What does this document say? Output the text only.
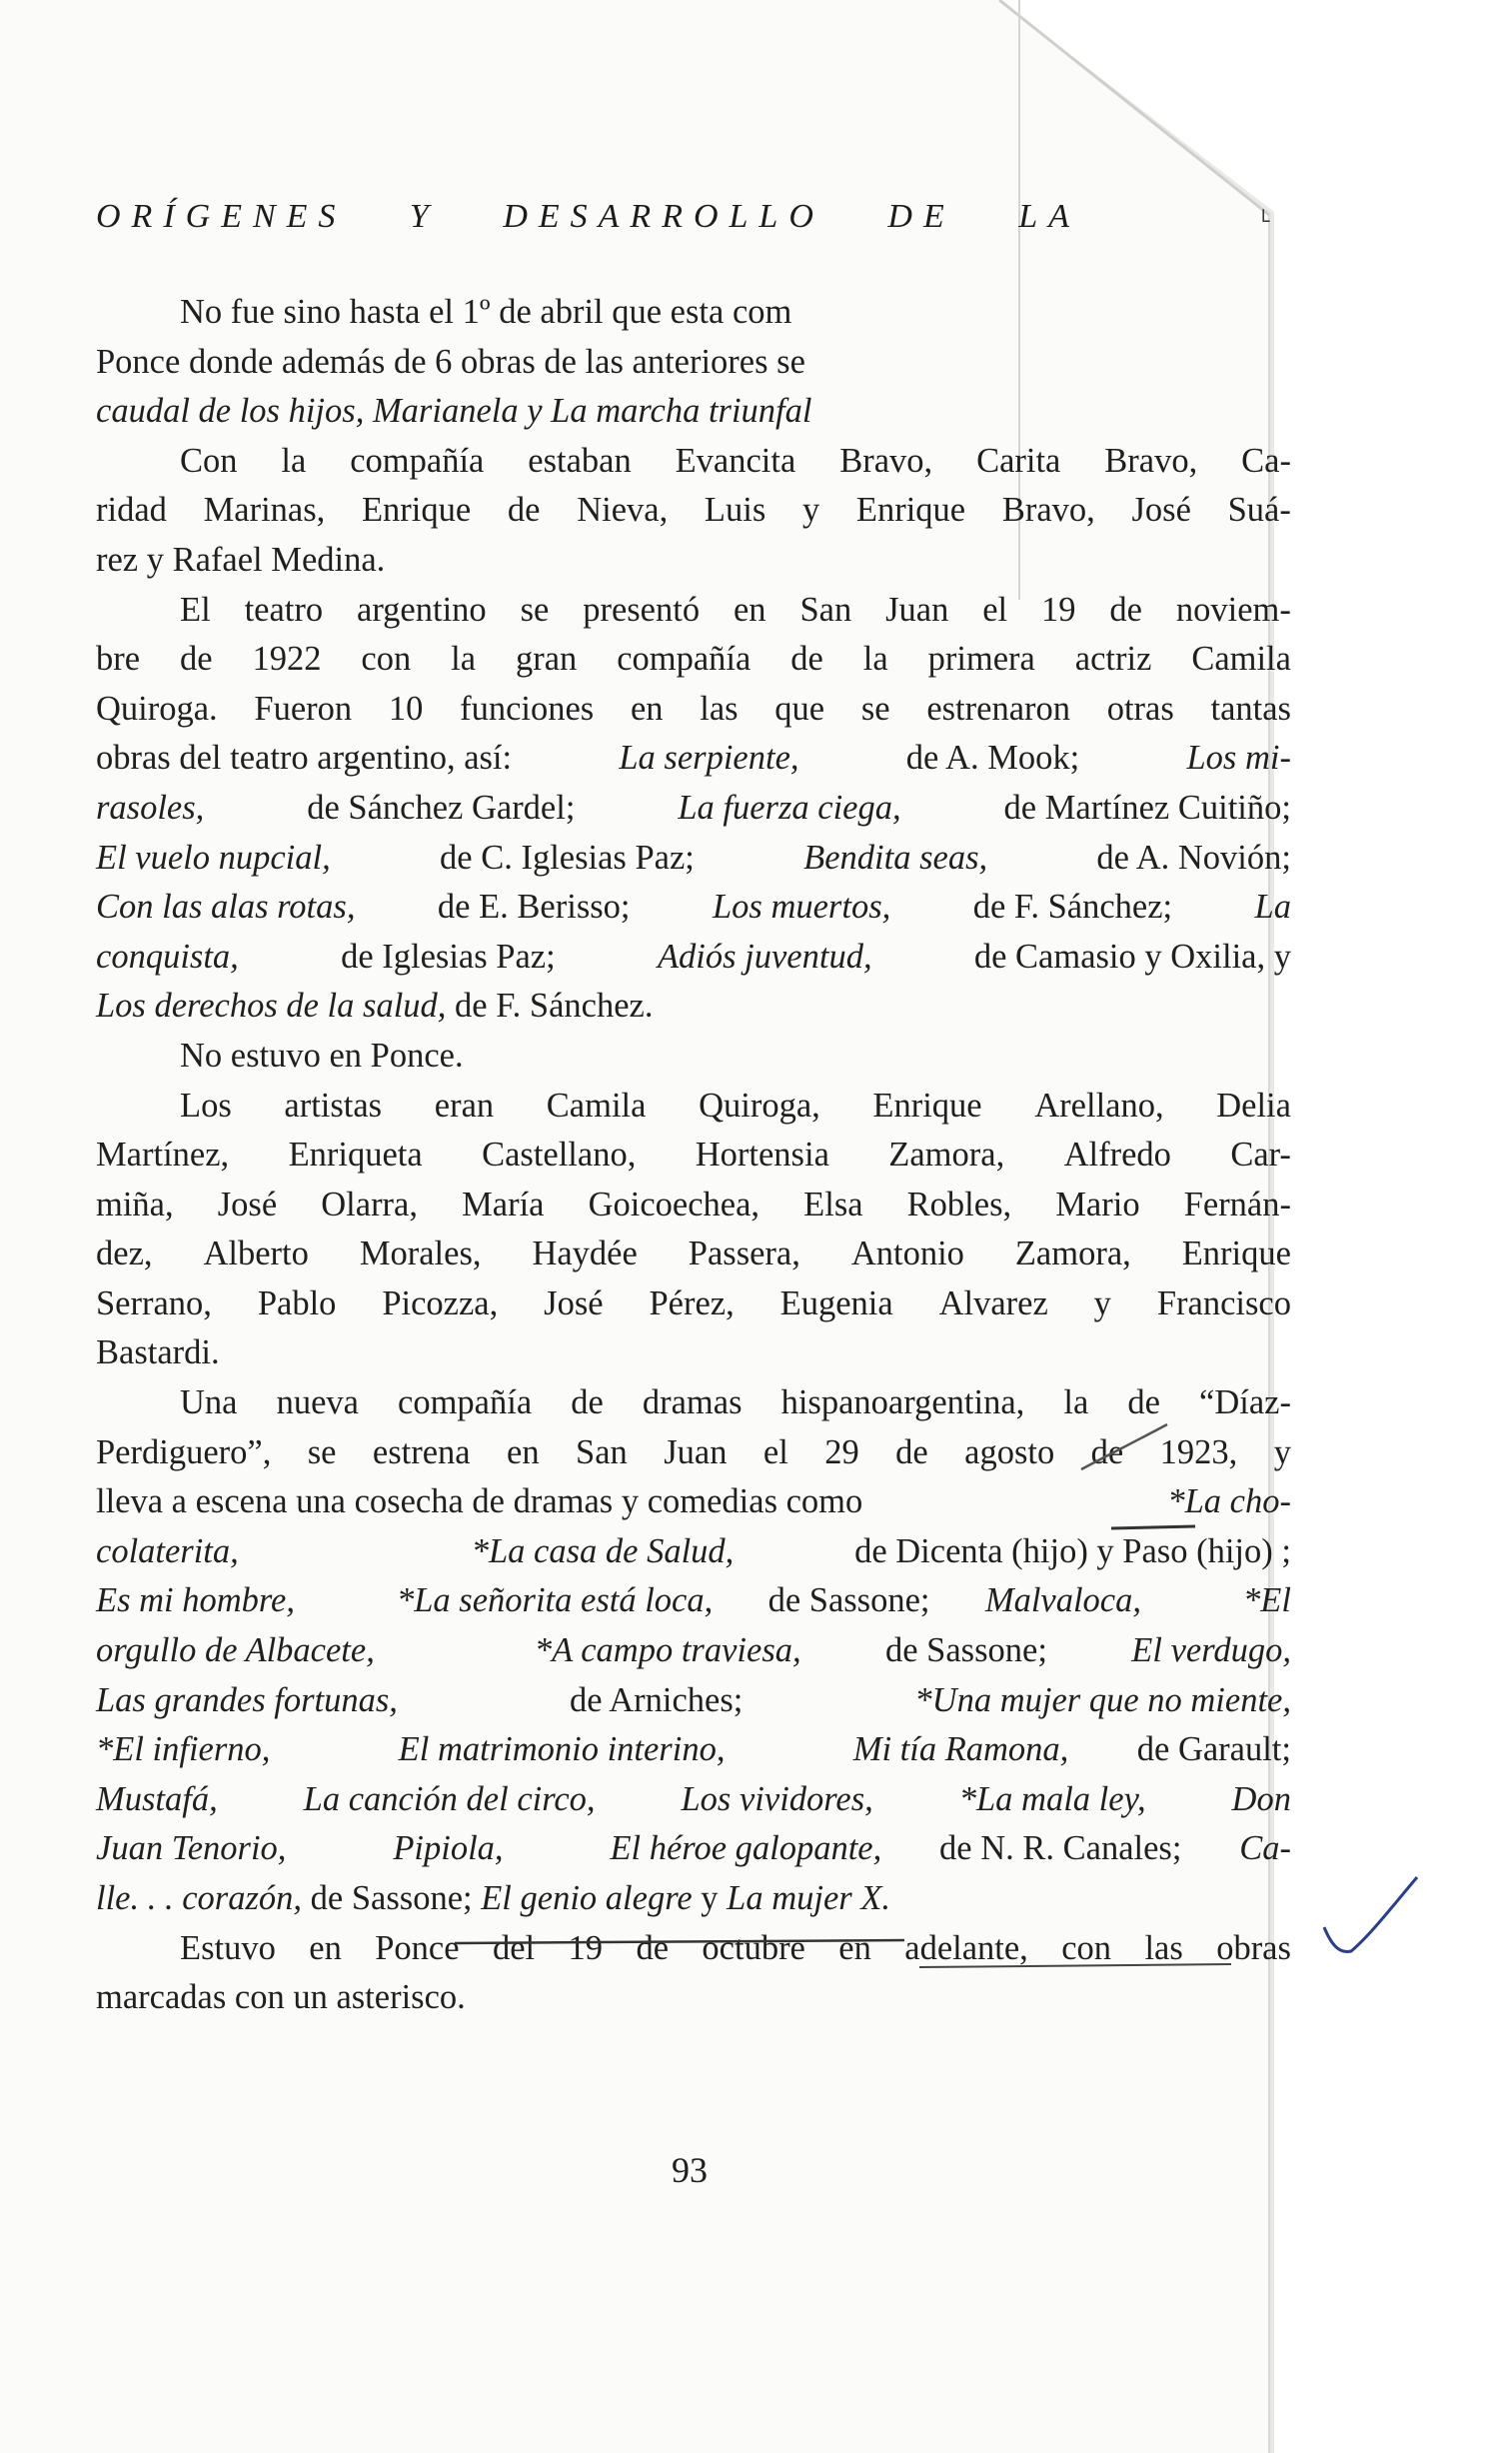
ORÍGENES Y DESARROLLO DE LA	˪
No fue sino hasta el 1º de abril que esta com
Ponce donde además de 6 obras de las anteriores se
caudal de los hijos, Marianela y La marcha triunfal
Con la compañía estaban Evancita Bravo, Carita Bravo, Ca-
ridad Marinas, Enrique de Nieva, Luis y Enrique Bravo, José Suá-
rez y Rafael Medina.
El teatro argentino se presentó en San Juan el 19 de noviem-
bre de 1922 con la gran compañía de la primera actriz Camila
Quiroga. Fueron 10 funciones en las que se estrenaron otras tantas
obras del teatro argentino, así:	La serpiente,	de A. Mook;	Los mi-
rasoles,	de Sánchez Gardel;	La fuerza ciega,	de Martínez Cuitiño;
El vuelo nupcial,	de C. Iglesias Paz;	Bendita seas,	de A. Novión;
Con las alas rotas, de E. Berisso; Los muertos, de F. Sánchez; La
conquista,	de Iglesias Paz;	Adiós juventud,	de Camasio y Oxilia, y
Los derechos de la salud, de F. Sánchez.
No estuvo en Ponce.
Los artistas eran Camila Quiroga, Enrique Arellano, Delia
Martínez, Enriqueta Castellano, Hortensia Zamora, Alfredo Car-
miña, José Olarra, María Goicoechea, Elsa Robles, Mario Fernán-
dez, Alberto Morales, Haydée Passera, Antonio Zamora, Enrique
Serrano, Pablo Picozza, José Pérez, Eugenia Alvarez y Francisco
Bastardi.
Una nueva compañía de dramas hispanoargentina, la de “Díaz-
Perdiguero”, se estrena en San Juan el 29 de agosto de 1923, y
lleva a escena una cosecha de dramas y comedias como	*La cho-
colaterita,
	*La casa de Salud,	de Dicenta (hijo) y Paso (hijo) ;
Es mi hombre,
	*La señorita está loca, de Sassone; Malvaloca,
	*El
orgullo de Albacete,
	*A campo traviesa, de Sassone; El verdugo,
Las grandes fortunas,	de Arniches;	*Una mujer que no miente,
*El infierno,
	El matrimonio interino,
	Mi tía Ramona, de Garault;
Mustafá,
La canción del circo,
Los vividores,
*La mala ley,
Don
Juan Tenorio,
	Pipiola,
	El héroe galopante, de N. R. Canales; Ca-
lle. . . corazón, de Sassone; El genio alegre y La mujer X.
Estuvo en Ponce del 19 de octubre en adelante, con las obras
marcadas con un asterisco.
93
